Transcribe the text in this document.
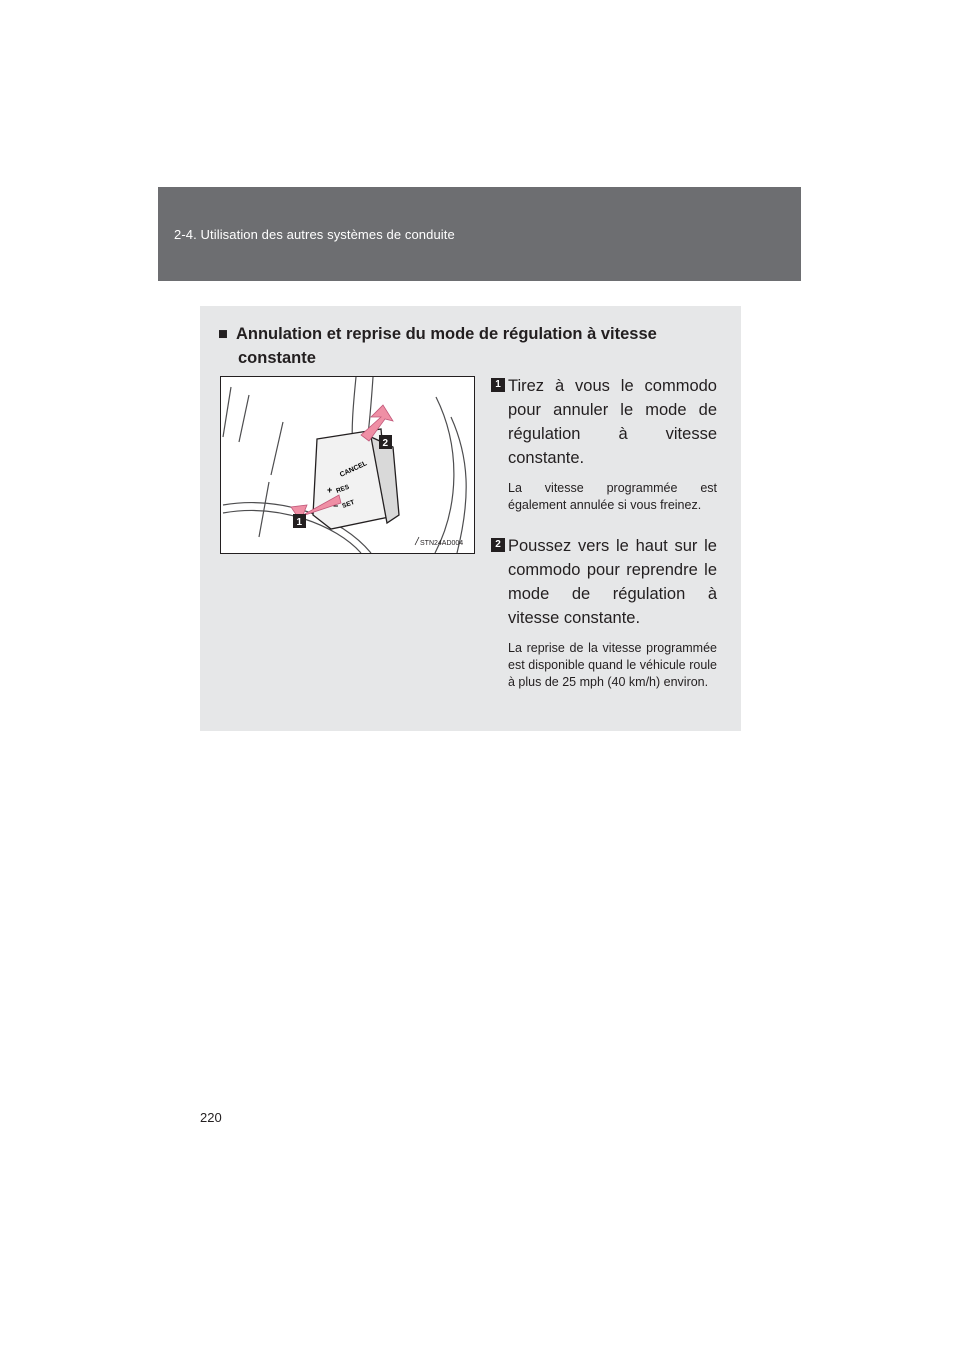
2-4. Utilisation des autres systèmes de conduite
■ Annulation et reprise du mode de régulation à vitesse
constante
CANCEL
+ RES
− SET
2
1
STN24AD004
1 Tirez à vous le commodo pour annuler le mode de régulation à vitesse constante.
La vitesse programmée est également annulée si vous freinez.
2 Poussez vers le haut sur le commodo pour reprendre le mode de régulation à vitesse constante.
La reprise de la vitesse programmée est disponible quand le véhicule roule à plus de 25 mph (40 km/h) environ.
220
